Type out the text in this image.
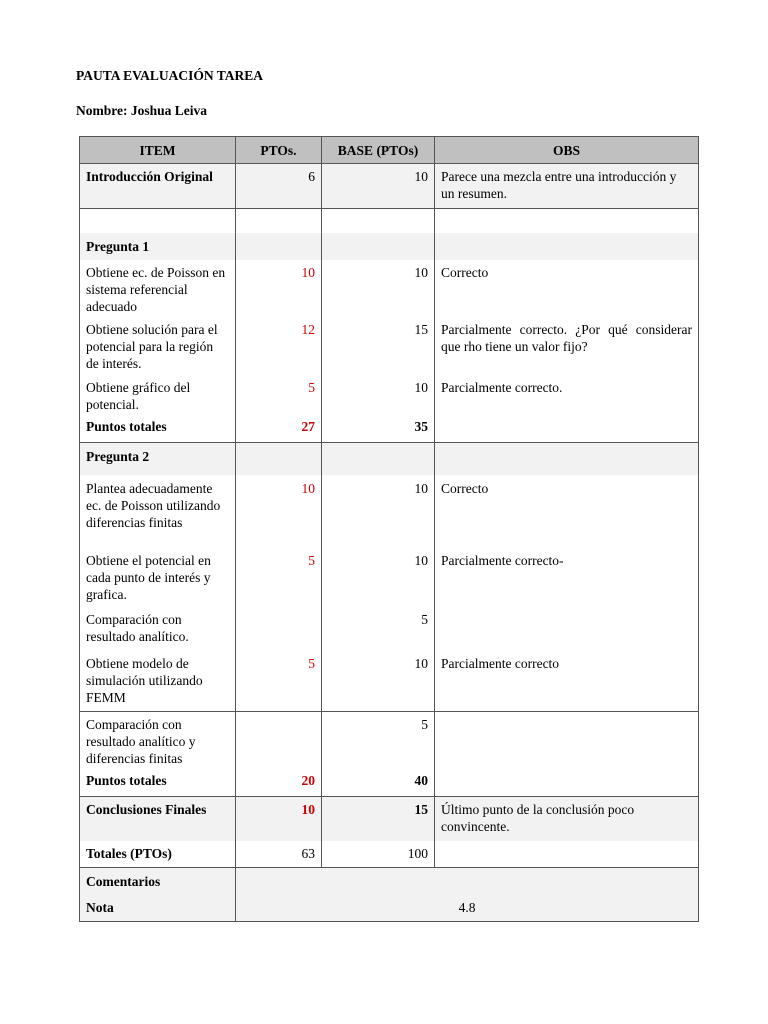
PAUTA EVALUACIÓN TAREA
Nombre: Joshua Leiva
ITEM	PTOs.	BASE (PTOs)	OBS
Introducción Original	6	10	Parece una mezcla entre una introducción y un resumen.

Pregunta 1			
Obtiene ec. de Poisson en sistema referencial adecuado	10	10	Correcto
Obtiene solución para el potencial para la región de interés.	12	15	Parcialmente correcto. ¿Por qué considerar que rho tiene un valor fijo?
Obtiene gráfico del potencial.	5	10	Parcialmente correcto.
Puntos totales	27	35	
Pregunta 2			
Plantea adecuadamente ec. de Poisson utilizando diferencias finitas	10	10	Correcto
Obtiene el potencial en cada punto de interés y grafica.	5	10	Parcialmente correcto-
Comparación con resultado analítico.		5	
Obtiene modelo de simulación utilizando FEMM	5	10	Parcialmente correcto
Comparación con resultado analítico y diferencias finitas		5	
Puntos totales	20	40	
Conclusiones Finales	10	15	Último punto de la conclusión poco convincente.
Totales (PTOs)	63	100	
Comentarios			
Nota	4.8		
